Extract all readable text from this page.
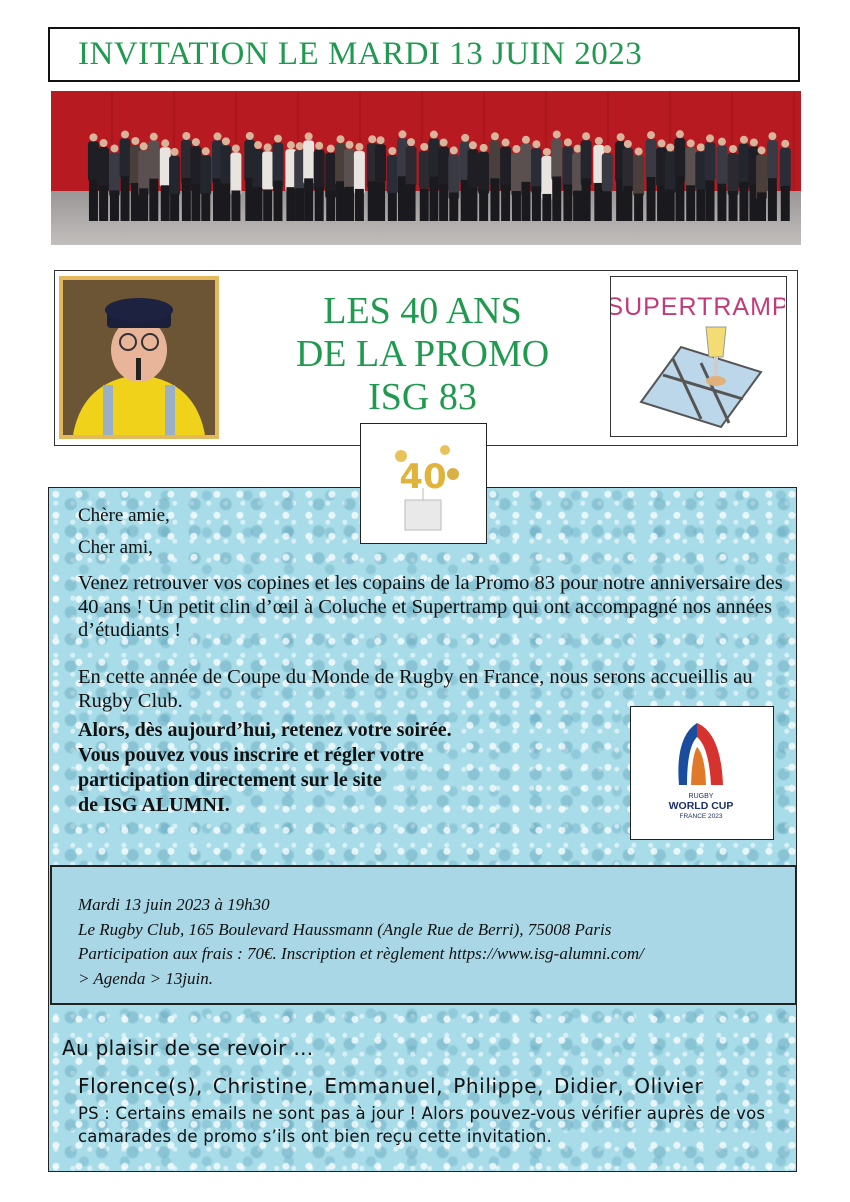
INVITATION LE MARDI 13 JUIN 2023
LES 40 ANS
DE LA PROMO
ISG 83
SUPERTRAMP
40
Chère amie,
Cher ami,
Venez retrouver vos copines et les copains de la Promo 83 pour notre anniversaire des 40 ans ! Un petit clin d’œil à Coluche et Supertramp qui ont accompagné nos années d’étudiants !
En cette année de Coupe du Monde de Rugby en France, nous serons accueillis au Rugby Club.
Alors, dès aujourd’hui, retenez votre soirée.
Vous pouvez vous inscrire et régler votre
participation directement sur le site
de ISG ALUMNI.	RUGBY
WORLD CUP
FRANCE 2023
Mardi 13 juin 2023 à 19h30
Le Rugby Club, 165 Boulevard Haussmann (Angle Rue de Berri), 75008 Paris
Participation aux frais : 70€. Inscription et règlement https://www.isg-alumni.com/
> Agenda > 13juin.
Au plaisir de se revoir …
Florence(s), Christine, Emmanuel, Philippe, Didier, Olivier
PS : Certains emails ne sont pas à jour ! Alors pouvez-vous vérifier auprès de vos camarades de promo s’ils ont bien reçu cette invitation.
